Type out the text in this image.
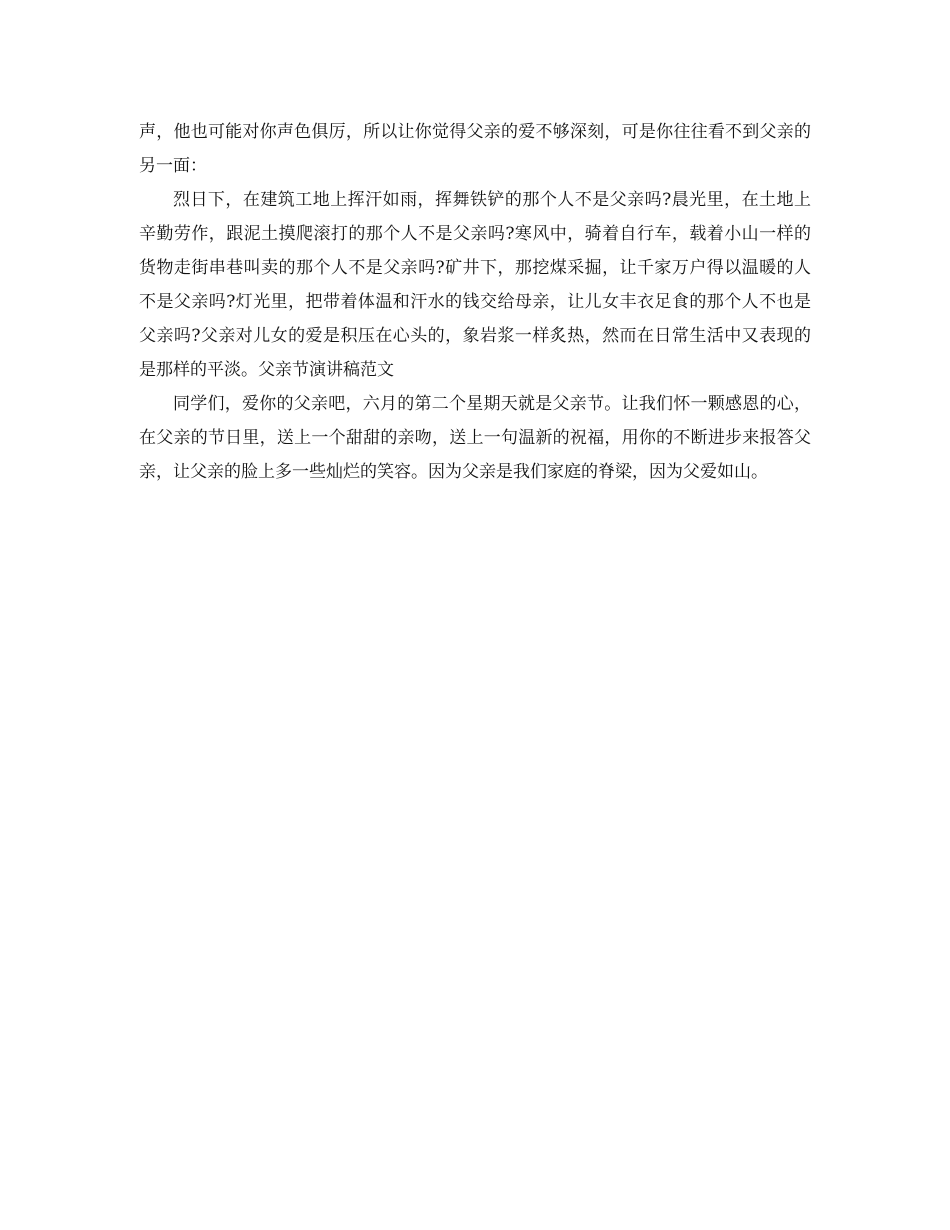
声，他也可能对你声色俱厉，所以让你觉得父亲的爱不够深刻，可是你往往看不到父亲的另一面：

烈日下，在建筑工地上挥汗如雨，挥舞铁铲的那个人不是父亲吗?晨光里，在土地上辛勤劳作，跟泥土摸爬滚打的那个人不是父亲吗?寒风中，骑着自行车，载着小山一样的货物走街串巷叫卖的那个人不是父亲吗?矿井下，那挖煤采掘，让千家万户得以温暖的人不是父亲吗?灯光里，把带着体温和汗水的钱交给母亲，让儿女丰衣足食的那个人不也是父亲吗?父亲对儿女的爱是积压在心头的，象岩浆一样炙热，然而在日常生活中又表现的是那样的平淡。父亲节演讲稿范文

同学们，爱你的父亲吧，六月的第二个星期天就是父亲节。让我们怀一颗感恩的心，在父亲的节日里，送上一个甜甜的亲吻，送上一句温新的祝福，用你的不断进步来报答父亲，让父亲的脸上多一些灿烂的笑容。因为父亲是我们家庭的脊梁，因为父爱如山。
